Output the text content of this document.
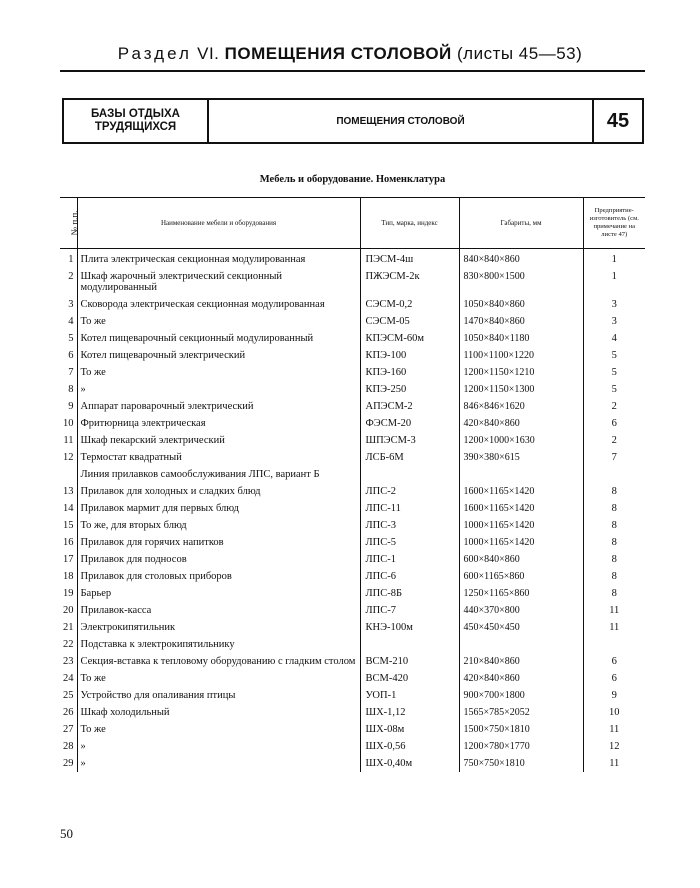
Раздел VI. ПОМЕЩЕНИЯ СТОЛОВОЙ (листы 45—53)
БАЗЫ ОТДЫХА
ТРУДЯЩИХСЯ	ПОМЕЩЕНИЯ СТОЛОВОЙ	45
Мебель и оборудование. Номенклатура
№ п.п.	Наименование мебели и оборудования	Тип, марка, индекс	Габариты, мм	Предприятие-изготовитель (см. примечание на листе 47)
1	Плита электрическая секционная модулированная	ПЭСМ-4ш	840×840×860	1
2	Шкаф жарочный электрический секционный модулированный	ПЖЭСМ-2к	830×800×1500	1
3	Сковорода электрическая секционная модулированная	СЭСМ-0,2	1050×840×860	3
4	То же	СЭСМ-05	1470×840×860	3
5	Котел пищеварочный секционный модулированный	КПЭСМ-60м	1050×840×1180	4
6	Котел пищеварочный электрический	КПЭ-100	1100×1100×1220	5
7	То же	КПЭ-160	1200×1150×1210	5
8	»	КПЭ-250	1200×1150×1300	5
9	Аппарат пароварочный электрический	АПЭСМ-2	846×846×1620	2
10	Фритюрница электрическая	ФЭСМ-20	420×840×860	6
11	Шкаф пекарский электрический	ШПЭСМ-3	1200×1000×1630	2
12	Термостат квадратный	ЛСБ-6М	390×380×615	7
	Линия прилавков самообслуживания ЛПС, вариант Б			
13	Прилавок для холодных и сладких блюд	ЛПС-2	1600×1165×1420	8
14	Прилавок мармит для первых блюд	ЛПС-11	1600×1165×1420	8
15	То же, для вторых блюд	ЛПС-3	1000×1165×1420	8
16	Прилавок для горячих напитков	ЛПС-5	1000×1165×1420	8
17	Прилавок для подносов	ЛПС-1	600×840×860	8
18	Прилавок для столовых приборов	ЛПС-6	600×1165×860	8
19	Барьер	ЛПС-8Б	1250×1165×860	8
20	Прилавок-касса	ЛПС-7	440×370×800	11
21	Электрокипятильник	КНЭ-100м	450×450×450	11
22	Подставка к электрокипятильнику			
23	Секция-вставка к тепловому оборудованию с гладким столом	ВСМ-210	210×840×860	6
24	То же	ВСМ-420	420×840×860	6
25	Устройство для опаливания птицы	УОП-1	900×700×1800	9
26	Шкаф холодильный	ШХ-1,12	1565×785×2052	10
27	То же	ШХ-08м	1500×750×1810	11
28	»	ШХ-0,56	1200×780×1770	12
29	»	ШХ-0,40м	750×750×1810	11
50
